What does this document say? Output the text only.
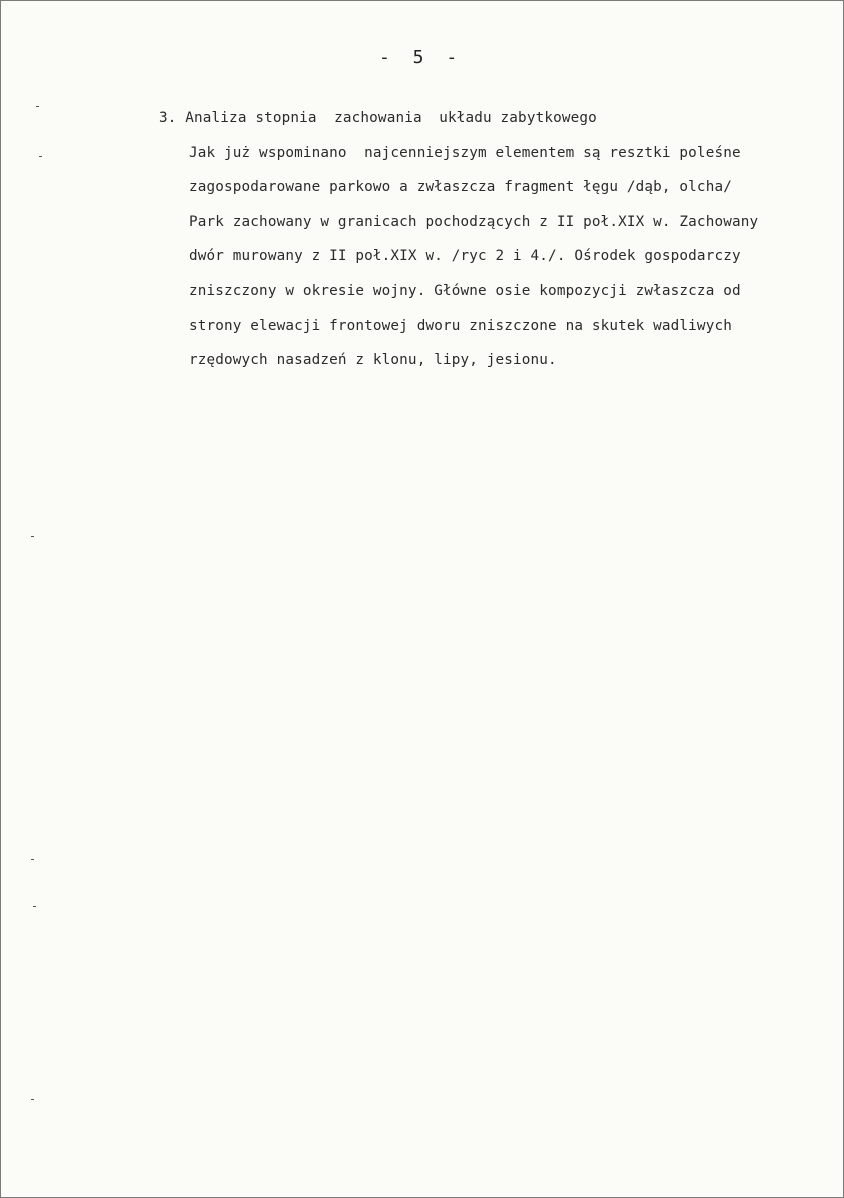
- 5 -
3. Analiza stopnia  zachowania  układu zabytkowego
Jak już wspominano  najcenniejszym elementem są resztki poleśne
zagospodarowane parkowo a zwłaszcza fragment łęgu /dąb, olcha/
Park zachowany w granicach pochodzących z II poł.XIX w. Zachowany
dwór murowany z II poł.XIX w. /ryc 2 i 4./. Ośrodek gospodarczy
zniszczony w okresie wojny. Główne osie kompozycji zwłaszcza od
strony elewacji frontowej dworu zniszczone na skutek wadliwych
rzędowych nasadzeń z klonu, lipy, jesionu.
